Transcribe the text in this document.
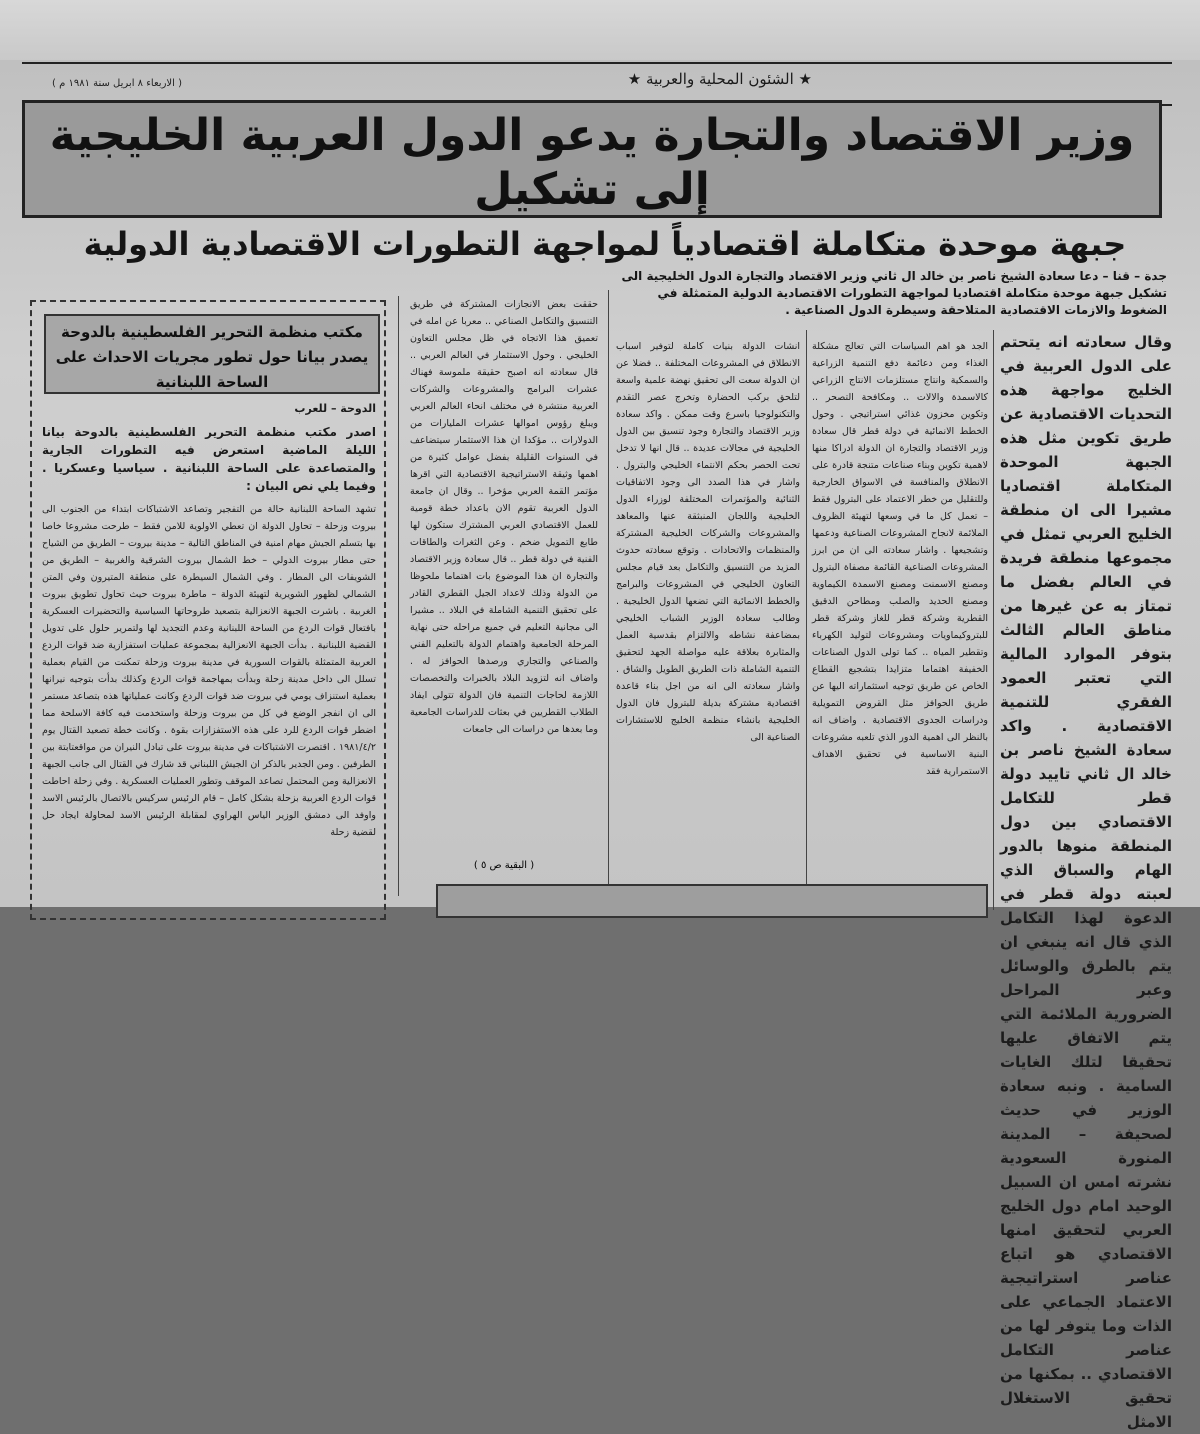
★ الشئون المحلية والعربية ★
( الاربعاء ٨ ابريل سنة ١٩٨١ م )
وزير الاقتصاد والتجارة يدعو الدول العربية الخليجية إلى تشكيل
جبهة موحدة متكاملة اقتصادياً لمواجهة التطورات الاقتصادية الدولية
جدة – قنا – دعا سعادة الشيخ ناصر بن خالد ال ثاني وزير الاقتصاد والتجارة الدول الخليجية الى تشكيل جبهة موحدة متكاملة اقتصاديا لمواجهة التطورات الاقتصادية الدولية المتمثلة في الضغوط والازمات الاقتصادية المتلاحقة وسيطرة الدول الصناعية .
وقال سعادته انه يتحتم على الدول العربية في الخليج مواجهة هذه التحديات الاقتصادية عن طريق تكوين مثل هذه الجبهة الموحدة المتكاملة اقتصاديا مشيرا الى ان منطقة الخليج العربي تمثل في مجموعها منطقة فريدة في العالم بفضل ما تمتاز به عن غيرها من مناطق العالم الثالث بتوفر الموارد المالية التي تعتبر العمود الفقري للتنمية الاقتصادية . واكد سعادة الشيخ ناصر بن خالد ال ثاني تاييد دولة قطر للتكامل الاقتصادي بين دول المنطقة منوها بالدور الهام والسباق الذي لعبته دولة قطر في الدعوة لهذا التكامل الذي قال انه ينبغي ان يتم بالطرق والوسائل وعبر المراحل الضرورية الملائمة التي يتم الاتفاق عليها تحقيقا لتلك الغايات السامية . ونبه سعادة الوزير في حديث لصحيفة – المدينة المنورة السعودية نشرته امس ان السبيل الوحيد امام دول الخليج العربي لتحقيق امنها الاقتصادي هو اتباع عناصر استراتيجية الاعتماد الجماعي على الذات وما يتوفر لها من عناصر التكامل الاقتصادي .. بمكنها من تحقيق الاستغلال الامثل
الجد هو اهم السياسات التي تعالج مشكلة الغذاء ومن دعائمة دفع التنمية الزراعية والسمكية وانتاج مستلزمات الانتاج الزراعي كالاسمدة والالات .. ومكافحة التصحر .. وتكوين مخزون غذائي استراتيجي . وحول الخطط الانمائية في دولة قطر قال سعادة وزير الاقتصاد والتجارة ان الدولة ادراكا منها لاهمية تكوين وبناء صناعات متنجة قادرة على الانطلاق والمنافسة في الاسواق الخارجية وللتقليل من خطر الاعتماد على البترول فقط – تعمل كل ما في وسعها لتهيئة الظروف الملائمة لانجاح المشروعات الصناعية ودعمها وتشجيعها . واشار سعادته الى ان من ابرز المشروعات الصناعية القائمة مصفاة البترول ومصنع الاسمنت ومصنع الاسمدة الكيماوية ومصنع الحديد والصلب ومطاحن الدقيق القطرية وشركة قطر للغاز وشركة قطر للبتروكيماويات ومشروعات لتوليد الكهرباء وتقطير المياه .. كما تولى الدول الصناعات الخفيفة اهتماما متزايدا بتشجيع القطاع الخاص عن طريق توجيه استثماراته اليها عن طريق الحوافز مثل القروض التمويلية ودراسات الجدوى الاقتصادية . واضاف انه بالنظر الى اهمية الدور الذي تلعبه مشروعات البنية الاساسية في تحقيق الاهداف الاستمرارية فقد
انشات الدولة بنيات كاملة لتوفير اسباب الانطلاق في المشروعات المختلفة .. فضلا عن ان الدولة سعت الى تحقيق نهضة علمية واسعة لتلحق بركب الحضارة وتخرج عصر التقدم والتكنولوجيا باسرع وقت ممكن . واكد سعادة وزير الاقتصاد والتجارة وجود تنسيق بين الدول الخليجية في مجالات عديدة .. قال انها لا تدخل تحت الحصر بحكم الانتماء الخليجي والبترول . واشار في هذا الصدد الى وجود الاتفاقيات الثنائية والمؤتمرات المختلفة لوزراء الدول الخليجية واللجان المنبثقة عنها والمعاهد والمشروعات والشركات الخليجية المشتركة والمنظمات والاتحادات . وتوقع سعادته حدوث المزيد من التنسيق والتكامل بعد قيام مجلس التعاون الخليجي في المشروعات والبرامج والخطط الانمائية التي تضعها الدول الخليجية . وطالب سعادة الوزير الشباب الخليجي بمضاعفة نشاطه والالتزام بقدسية العمل والمثابرة بعلاقة عليه مواصلة الجهد لتحقيق التنمية الشاملة ذات الطريق الطويل والشاق . واشار سعادته الى انه من اجل بناء قاعدة اقتصادية مشتركة بديلة للبترول فان الدول الخليجية بانشاء منظمة الخليج للاستشارات الصناعية الى
حققت بعض الانجازات المشتركة في طريق التنسيق والتكامل الصناعي .. معربا عن امله في تعميق هذا الاتجاه في ظل مجلس التعاون الخليجي . وحول الاستثمار في العالم العربي .. قال سعادته انه اصبح حقيقة ملموسة فهناك عشرات البرامج والمشروعات والشركات العربية منتشرة في مختلف انحاء العالم العربي ويبلغ رؤوس اموالها عشرات المليارات من الدولارات .. مؤكدا ان هذا الاستثمار سيتضاعف في السنوات القليلة بفضل عوامل كثيرة من اهمها وثيقة الاستراتيجية الاقتصادية التي اقرها مؤتمر القمة العربي مؤخرا .. وقال ان جامعة الدول العربية تقوم الان باعداد خطة قومية للعمل الاقتصادي العربي المشترك ستكون لها طابع التمويل ضخم . وعن الثغرات والطاقات الفنية في دولة قطر .. قال سعادة وزير الاقتصاد والتجارة ان هذا الموضوع بات اهتماما ملحوظا من الدولة وذلك لاعداد الجيل القطري القادر على تحقيق التنمية الشاملة في البلاد .. مشيرا الى مجانية التعليم في جميع مراحله حتى نهاية المرحلة الجامعية واهتمام الدولة بالتعليم الفني والصناعي والتجاري ورصدها الحوافز له . واضاف انه لتزويد البلاد بالخبرات والتخصصات اللازمة لحاجات التنمية فان الدولة تتولى ايفاد الطلاب القطريين في بعثات للدراسات الجامعية وما بعدها من دراسات الى جامعات
( البقية ص ٥ )
مكتب منظمة التحرير الفلسطينية بالدوحة يصدر بيانا حول تطور مجريات الاحداث على الساحة اللبنانية

الدوحة – للعرب

اصدر مكتب منظمة التحرير الفلسطينية بالدوحة بيانا الليلة الماضية استعرض فيه التطورات الجارية والمتصاعدة على الساحة اللبنانية . سياسيا وعسكريا . وفيما يلي نص البيان :

تشهد الساحة اللبنانية حالة من التفجير وتصاعد الاشتباكات ابتداء من الجنوب الى بيروت وزحلة – تحاول الدولة ان تعطي الاولوية للامن فقط – طرحت مشروعا خاصا بها بتسلم الجيش مهام امنية في المناطق التالية – مدينة بيروت – الطريق من الشياح حتى مطار بيروت الدولي – خط الشمال بيروت الشرقية والغربية – الطريق من الشويفات الى المطار . وفي الشمال السيطرة على منطقة المتيرون وفي المتن الشمالي لظهور الشويرية لتهيئة الدولة – ماطرة بيروت حيث تحاول تطويق بيروت الغربية . باشرت الجبهة الانعزالية بتصعيد طروحاتها السياسية والتحضيرات العسكرية بافتعال قوات الردع من الساحة اللبنانية وعدم التجديد لها ولتمرير حلول على تدويل القضية اللبنانية . بدأت الجبهة الانعزالية بمجموعة عمليات استفزازية ضد قوات الردع العربية المتمثلة بالقوات السورية في مدينة بيروت وزحلة تمكنت من القيام بعملية تسلل الى داخل مدينة زحلة وبدأت بمهاجمة قوات الردع وكذلك بدأت بتوجيه نيرانها بعملية استنزاف يومي في بيروت ضد قوات الردع وكانت عملياتها هذه بتصاعد مستمر الى ان انفجر الوضع في كل من بيروت وزحلة واستخدمت فيه كافة الاسلحة مما اضطر قوات الردع للرد على هذه الاستفزازات بقوة . وكانت خطة تصعيد القتال يوم ١٩٨١/٤/٢ . اقتصرت الاشتباكات في مدينة بيروت على تبادل النيران من مواقعتابتة بين الطرفين . ومن الجدير بالذكر ان الجيش اللبناني قد شارك في القتال الى جانب الجبهة الانعزالية ومن المحتمل تصاعد الموقف وتطور العمليات العسكرية . وفي زحلة احاطت قوات الردع العربية بزحلة بشكل كامل – قام الرئيس سركيس بالاتصال بالرئيس الاسد واوفد الى دمشق الوزير الياس الهراوي لمقابلة الرئيس الاسد لمحاولة ايجاد حل لقضية زحلة
